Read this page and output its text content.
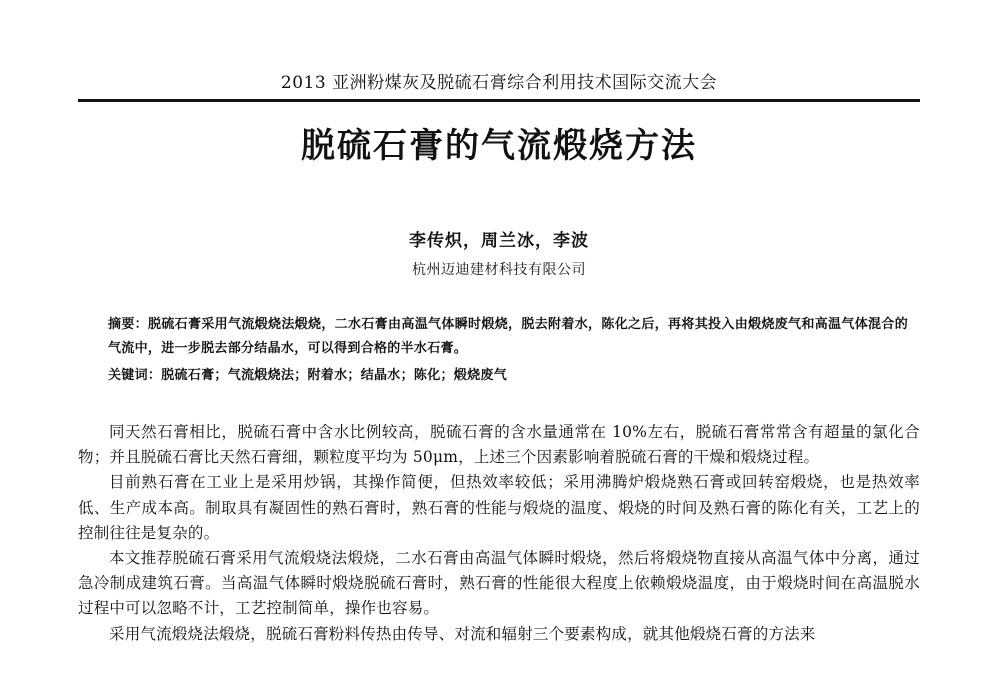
2013 亚洲粉煤灰及脱硫石膏综合利用技术国际交流大会
脱硫石膏的气流煅烧方法
李传炽，周兰冰，李波
杭州迈迪建材科技有限公司
摘要：脱硫石膏采用气流煅烧法煅烧，二水石膏由高温气体瞬时煅烧，脱去附着水，陈化之后，再将其投入由煅烧废气和高温气体混合的气流中，进一步脱去部分结晶水，可以得到合格的半水石膏。
关键词：脱硫石膏；气流煅烧法；附着水；结晶水；陈化；煅烧废气

同天然石膏相比，脱硫石膏中含水比例较高，脱硫石膏的含水量通常在 10%左右，脱硫石膏常常含有超量的氯化合物；并且脱硫石膏比天然石膏细，颗粒度平均为 50μm，上述三个因素影响着脱硫石膏的干燥和煅烧过程。

目前熟石膏在工业上是采用炒锅，其操作简便，但热效率较低；采用沸腾炉煅烧熟石膏或回转窑煅烧，也是热效率低、生产成本高。制取具有凝固性的熟石膏时，熟石膏的性能与煅烧的温度、煅烧的时间及熟石膏的陈化有关，工艺上的控制往往是复杂的。

本文推荐脱硫石膏采用气流煅烧法煅烧，二水石膏由高温气体瞬时煅烧，然后将煅烧物直接从高温气体中分离，通过急冷制成建筑石膏。当高温气体瞬时煅烧脱硫石膏时，熟石膏的性能很大程度上依赖煅烧温度，由于煅烧时间在高温脱水过程中可以忽略不计，工艺控制简单，操作也容易。

采用气流煅烧法煅烧，脱硫石膏粉料传热由传导、对流和辐射三个要素构成，就其他煅烧石膏的方法来
